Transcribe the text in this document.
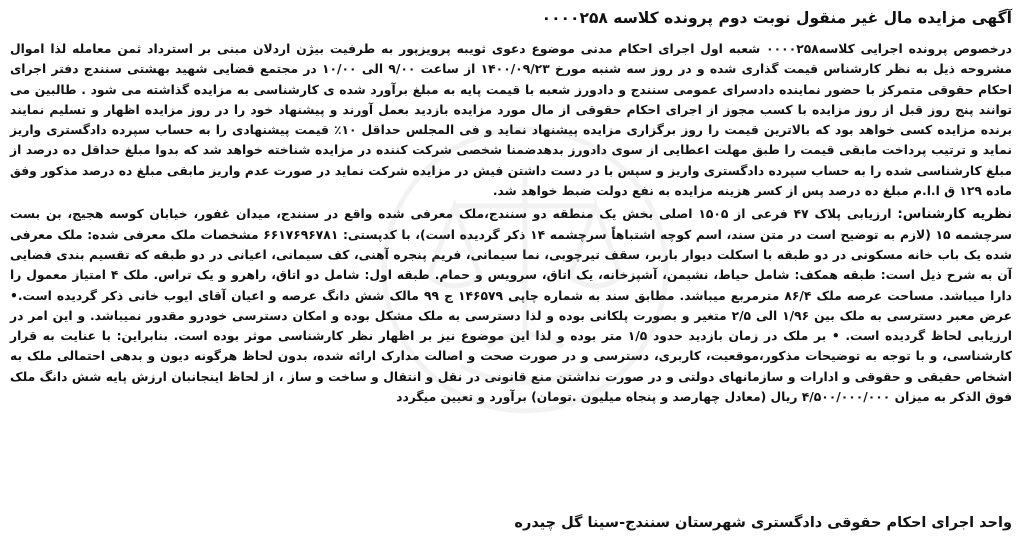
آگهی مزایده مال غیر منقول نوبت دوم پرونده کلاسه ۰۰۰۰۲۵۸

درخصوص پرونده اجرایی کلاسه۰۰۰۰۲۵۸ شعبه اول اجرای احکام مدنی موضوع دعوی ثویبه پرویزپور به طرفیت بیژن اردلان مبنی بر استرداد ثمن معامله لذا اموال مشروحه ذیل به نظر کارشناس قیمت گذاری شده و در روز سه شنبه مورخ ۱۴۰۰/۰۹/۲۳ از ساعت ۹/۰۰ الی ۱۰/۰۰ در مجتمع قضایی شهید بهشتی سنندج دفتر اجرای احکام حقوقی متمرکز با حضور نماینده دادسرای عمومی سنندج و دادورز شعبه با قیمت پایه به مبلغ برآورد شده ی کارشناسی به مزایده گذاشته می شود . طالبین می توانند پنج روز قبل از روز مزایده با کسب مجوز از اجرای احکام حقوقی از مال مورد مزایده بازدید بعمل آورند و پیشنهاد خود را در روز مزایده اظهار و تسلیم نمایند برنده مزایده کسی خواهد بود که بالاترین قیمت را روز برگزاری مزایده پیشنهاد نماید و فی المجلس حداقل ۱۰٪ قیمت پیشنهادی را به حساب سپرده دادگستری واریز نماید و ترتیب پرداخت مابقی قیمت را طبق مهلت اعطایی از سوی دادورز بدهدضمنا شخصی شرکت کننده در مزایده شناخته خواهد شد که بدوا مبلغ حداقل ده درصد از مبلغ کارشناسی شده را به حساب سپرده دادگستری واریز و سپس با در دست داشتن فیش در مزایده شرکت نماید در صورت عدم واریز مابقی مبلغ ده درصد مذکور وفق ماده ۱۲۹ ق ا.ا.م مبلغ ده درصد پس از کسر هزینه مزایده به نفع دولت ضبط خواهد شد.

نظریه کارشناس: ارزیابی پلاک ۴۷ فرعی از ۱۵۰۵ اصلی بخش یک منطقه دو سنندج،ملک معرفی شده واقع در سنندج، میدان غفور، خیابان کوسه هجیج، بن بست سرچشمه ۱۵ (لازم به توضیح است در متن سند، اسم کوچه اشتباهاً سرچشمه ۱۴ ذکر گردیده است)، با کدپستی: ۶۶۱۷۶۹۶۷۸۱ مشخصات ملک معرفی شده: ملک معرفی شده یک باب خانه مسکونی در دو طبقه با اسکلت دیوار باربر، سقف تیرچوبی، نما سیمانی، فریم پنجره آهنی، کف سیمانی، اعیانی در دو طبقه که تقسیم بندی فضایی آن به شرح ذیل است: طبقه همکف: شامل حیاط، نشیمن، آشپزخانه، یک اتاق، سرویس و حمام. طبقه اول: شامل دو اتاق، راهرو و یک تراس. ملک ۴ امتیاز معمول را دارا میباشد. مساحت عرصه ملک ۸۶/۴ مترمربع میباشد. مطابق سند به شماره چاپی ۱۴۶۵۷۹ ج ۹۹ مالک شش دانگ عرصه و اعیان آقای ایوب خانی ذکر گردیده است.• عرض معبر دسترسی به ملک بین ۱/۹۶ الی ۲/۵ متغیر و بصورت پلکانی بوده و لذا دسترسی به ملک مشکل بوده و امکان دسترسی خودرو مقدور نمیباشد. و این امر در ارزیابی لحاظ گردیده است. • بر ملک در زمان بازدید حدود ۱/۵ متر بوده و لذا این موضوع نیز بر اظهار نظر کارشناسی موثر بوده است. بنابراین: با عنایت به قرار کارشناسی، و با توجه به توضیحات مذکور،موقعیت، کاربری، دسترسی و در صورت صحت و اصالت مدارک ارائه شده، بدون لحاظ هرگونه دیون و بدهی احتمالی ملک به اشخاص حقیقی و حقوقی و ادارات و سازمانهای دولتی و در صورت نداشتن منع قانونی در نقل و انتقال و ساخت و ساز ، از لحاظ اینجانبان ارزش پایه شش دانگ ملک فوق الذکر به میزان ۴/۵۰۰/۰۰۰/۰۰۰ ریال (معادل چهارصد و پنجاه میلیون .تومان) برآورد و تعیین میگردد

واحد اجرای احکام حقوقی دادگستری شهرستان سنندج-سینا گل چیدره
